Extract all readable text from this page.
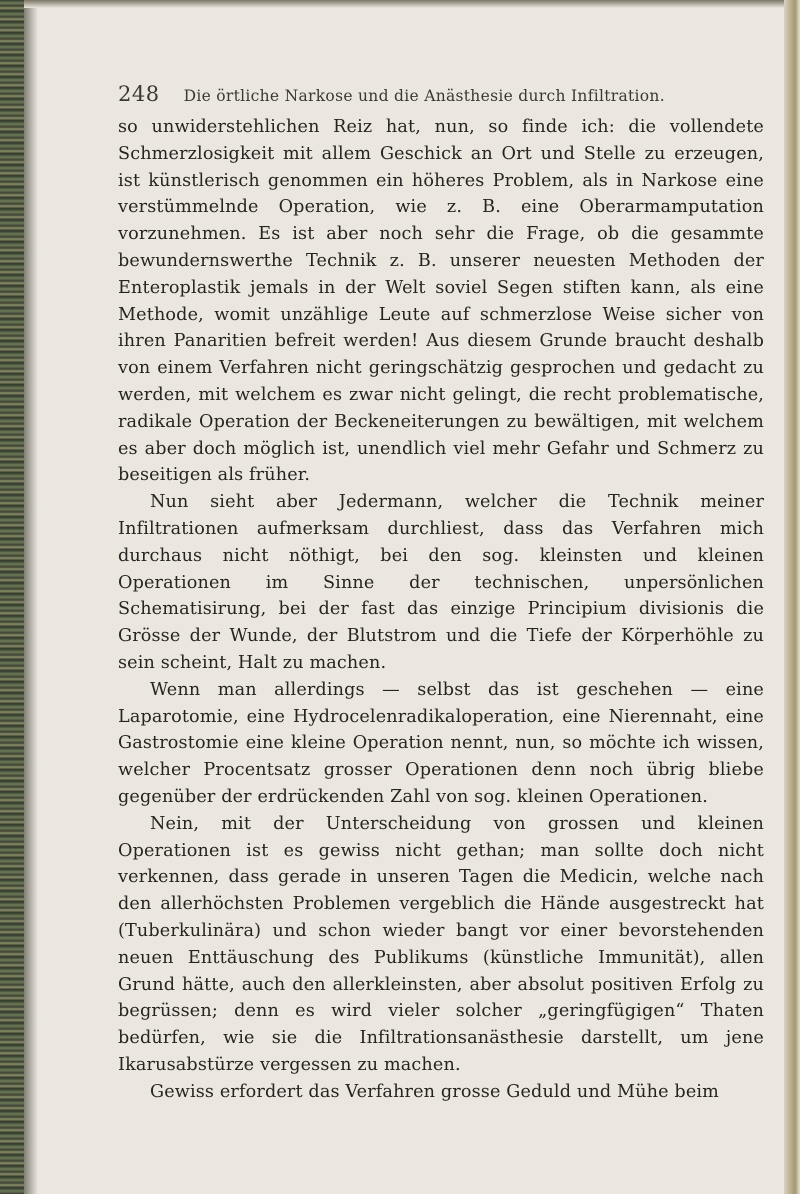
248 Die örtliche Narkose und die Anästhesie durch Infiltration.

so unwiderstehlichen Reiz hat, nun, so finde ich: die vollendete Schmerzlosigkeit mit allem Geschick an Ort und Stelle zu erzeugen, ist künstlerisch genommen ein höheres Problem, als in Narkose eine verstümmelnde Operation, wie z. B. eine Oberarmamputation vorzunehmen. Es ist aber noch sehr die Frage, ob die gesammte bewundernswerthe Technik z. B. unserer neuesten Methoden der Enteroplastik jemals in der Welt soviel Segen stiften kann, als eine Methode, womit unzählige Leute auf schmerzlose Weise sicher von ihren Panaritien befreit werden! Aus diesem Grunde braucht deshalb von einem Verfahren nicht geringschätzig gesprochen und gedacht zu werden, mit welchem es zwar nicht gelingt, die recht problematische, radikale Operation der Beckeneiterungen zu bewältigen, mit welchem es aber doch möglich ist, unendlich viel mehr Gefahr und Schmerz zu beseitigen als früher.

Nun sieht aber Jedermann, welcher die Technik meiner Infiltrationen aufmerksam durchliest, dass das Verfahren mich durchaus nicht nöthigt, bei den sog. kleinsten und kleinen Operationen im Sinne der technischen, unpersönlichen Schematisirung, bei der fast das einzige Principium divisionis die Grösse der Wunde, der Blutstrom und die Tiefe der Körperhöhle zu sein scheint, Halt zu machen.

Wenn man allerdings — selbst das ist geschehen — eine Laparotomie, eine Hydrocelenradikaloperation, eine Nierennaht, eine Gastrostomie eine kleine Operation nennt, nun, so möchte ich wissen, welcher Procentsatz grosser Operationen denn noch übrig bliebe gegenüber der erdrückenden Zahl von sog. kleinen Operationen.

Nein, mit der Unterscheidung von grossen und kleinen Operationen ist es gewiss nicht gethan; man sollte doch nicht verkennen, dass gerade in unseren Tagen die Medicin, welche nach den allerhöchsten Problemen vergeblich die Hände ausgestreckt hat (Tuberkulinära) und schon wieder bangt vor einer bevorstehenden neuen Enttäuschung des Publikums (künstliche Immunität), allen Grund hätte, auch den allerkleinsten, aber absolut positiven Erfolg zu begrüssen; denn es wird vieler solcher „geringfügigen“ Thaten bedürfen, wie sie die Infiltrationsanästhesie darstellt, um jene Ikarusabstürze vergessen zu machen.

Gewiss erfordert das Verfahren grosse Geduld und Mühe beim
